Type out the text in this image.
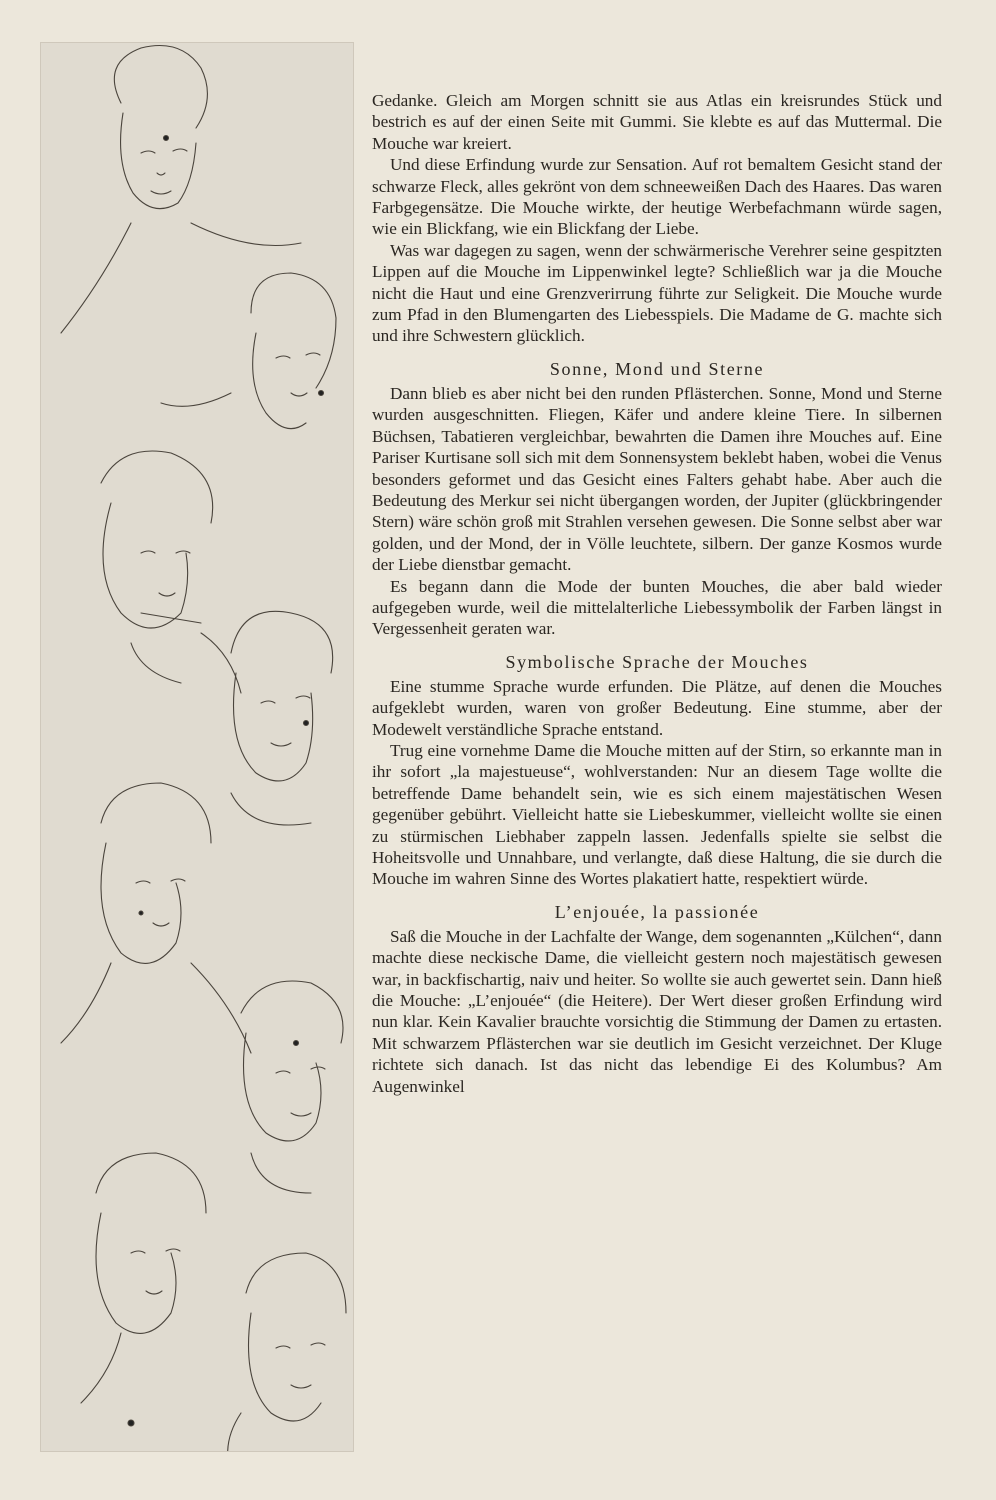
Gedanke. Gleich am Morgen schnitt sie aus Atlas ein kreisrundes Stück und bestrich es auf der einen Seite mit Gummi. Sie klebte es auf das Muttermal. Die Mouche war kreiert.

Und diese Erfindung wurde zur Sensation. Auf rot bemaltem Gesicht stand der schwarze Fleck, alles gekrönt von dem schneeweißen Dach des Haares. Das waren Farbgegensätze. Die Mouche wirkte, der heutige Werbefachmann würde sagen, wie ein Blickfang, wie ein Blickfang der Liebe.

Was war dagegen zu sagen, wenn der schwärmerische Verehrer seine gespitzten Lippen auf die Mouche im Lippenwinkel legte? Schließlich war ja die Mouche nicht die Haut und eine Grenzverirrung führte zur Seligkeit. Die Mouche wurde zum Pfad in den Blumengarten des Liebesspiels. Die Madame de G. machte sich und ihre Schwestern glücklich.

Sonne, Mond und Sterne

Dann blieb es aber nicht bei den runden Pflästerchen. Sonne, Mond und Sterne wurden ausgeschnitten. Fliegen, Käfer und andere kleine Tiere. In silbernen Büchsen, Tabatieren vergleichbar, bewahrten die Damen ihre Mouches auf. Eine Pariser Kurtisane soll sich mit dem Sonnensystem beklebt haben, wobei die Venus besonders geformet und das Gesicht eines Falters gehabt habe. Aber auch die Bedeutung des Merkur sei nicht übergangen worden, der Jupiter (glückbringender Stern) wäre schön groß mit Strahlen versehen gewesen. Die Sonne selbst aber war golden, und der Mond, der in Völle leuchtete, silbern. Der ganze Kosmos wurde der Liebe dienstbar gemacht.

Es begann dann die Mode der bunten Mouches, die aber bald wieder aufgegeben wurde, weil die mittelalterliche Liebessymbolik der Farben längst in Vergessenheit geraten war.

Symbolische Sprache der Mouches

Eine stumme Sprache wurde erfunden. Die Plätze, auf denen die Mouches aufgeklebt wurden, waren von großer Bedeutung. Eine stumme, aber der Modewelt verständliche Sprache entstand.

Trug eine vornehme Dame die Mouche mitten auf der Stirn, so erkannte man in ihr sofort „la majestueuse“, wohlverstanden: Nur an diesem Tage wollte die betreffende Dame behandelt sein, wie es sich einem majestätischen Wesen gegenüber gebührt. Vielleicht hatte sie Liebeskummer, vielleicht wollte sie einen zu stürmischen Liebhaber zappeln lassen. Jedenfalls spielte sie selbst die Hoheitsvolle und Unnahbare, und verlangte, daß diese Haltung, die sie durch die Mouche im wahren Sinne des Wortes plakatiert hatte, respektiert würde.

L’enjouée, la passionée

Saß die Mouche in der Lachfalte der Wange, dem sogenannten „Külchen“, dann machte diese neckische Dame, die vielleicht gestern noch majestätisch gewesen war, in backfischartig, naiv und heiter. So wollte sie auch gewertet sein. Dann hieß die Mouche: „L’enjouée“ (die Heitere). Der Wert dieser großen Erfindung wird nun klar. Kein Kavalier brauchte vorsichtig die Stimmung der Damen zu ertasten. Mit schwarzem Pflästerchen war sie deutlich im Gesicht verzeichnet. Der Kluge richtete sich danach. Ist das nicht das lebendige Ei des Kolumbus? Am Augenwinkel
